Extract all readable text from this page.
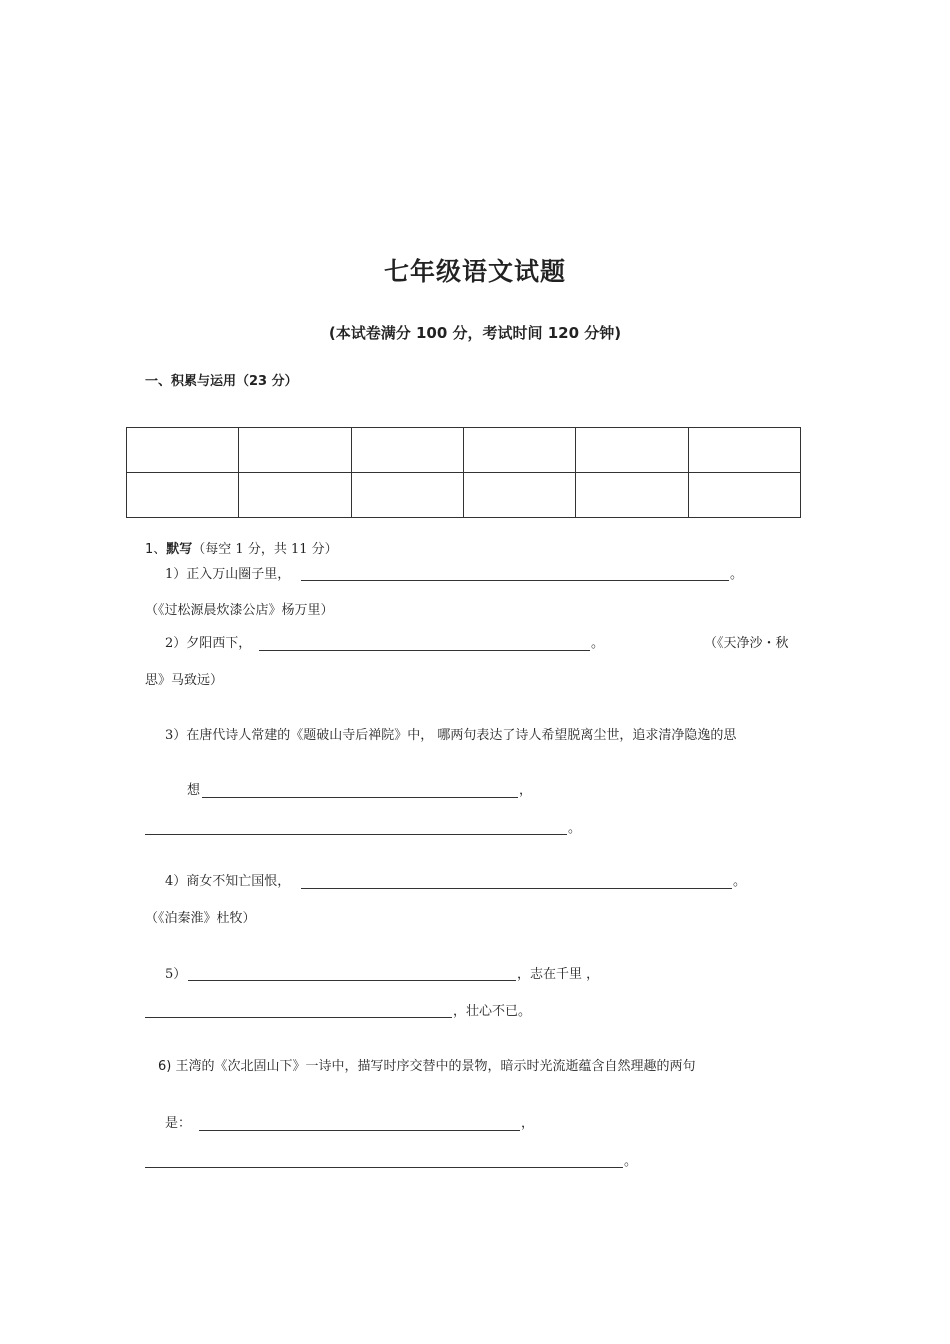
七年级语文试题
(本试卷满分 100 分，考试时间 120 分钟)
一、积累与运用（23 分）

1、默写（每空 1 分，共 11 分）
1）正入万山圈子里，	。
（《过松源晨炊漆公店》杨万里）
2）夕阳西下，	。	（《天净沙・秋
思》马致远）
3）在唐代诗人常建的《题破山寺后禅院》中， 哪两句表达了诗人希望脱离尘世，追求清净隐逸的思
想	，
。
4）商女不知亡国恨，	。
（《泊秦淮》杜牧）
5）	，志在千里 ，
，壮心不已。
6) 王湾的《次北固山下》一诗中，描写时序交替中的景物，暗示时光流逝蕴含自然理趣的两句
是：	，
。
